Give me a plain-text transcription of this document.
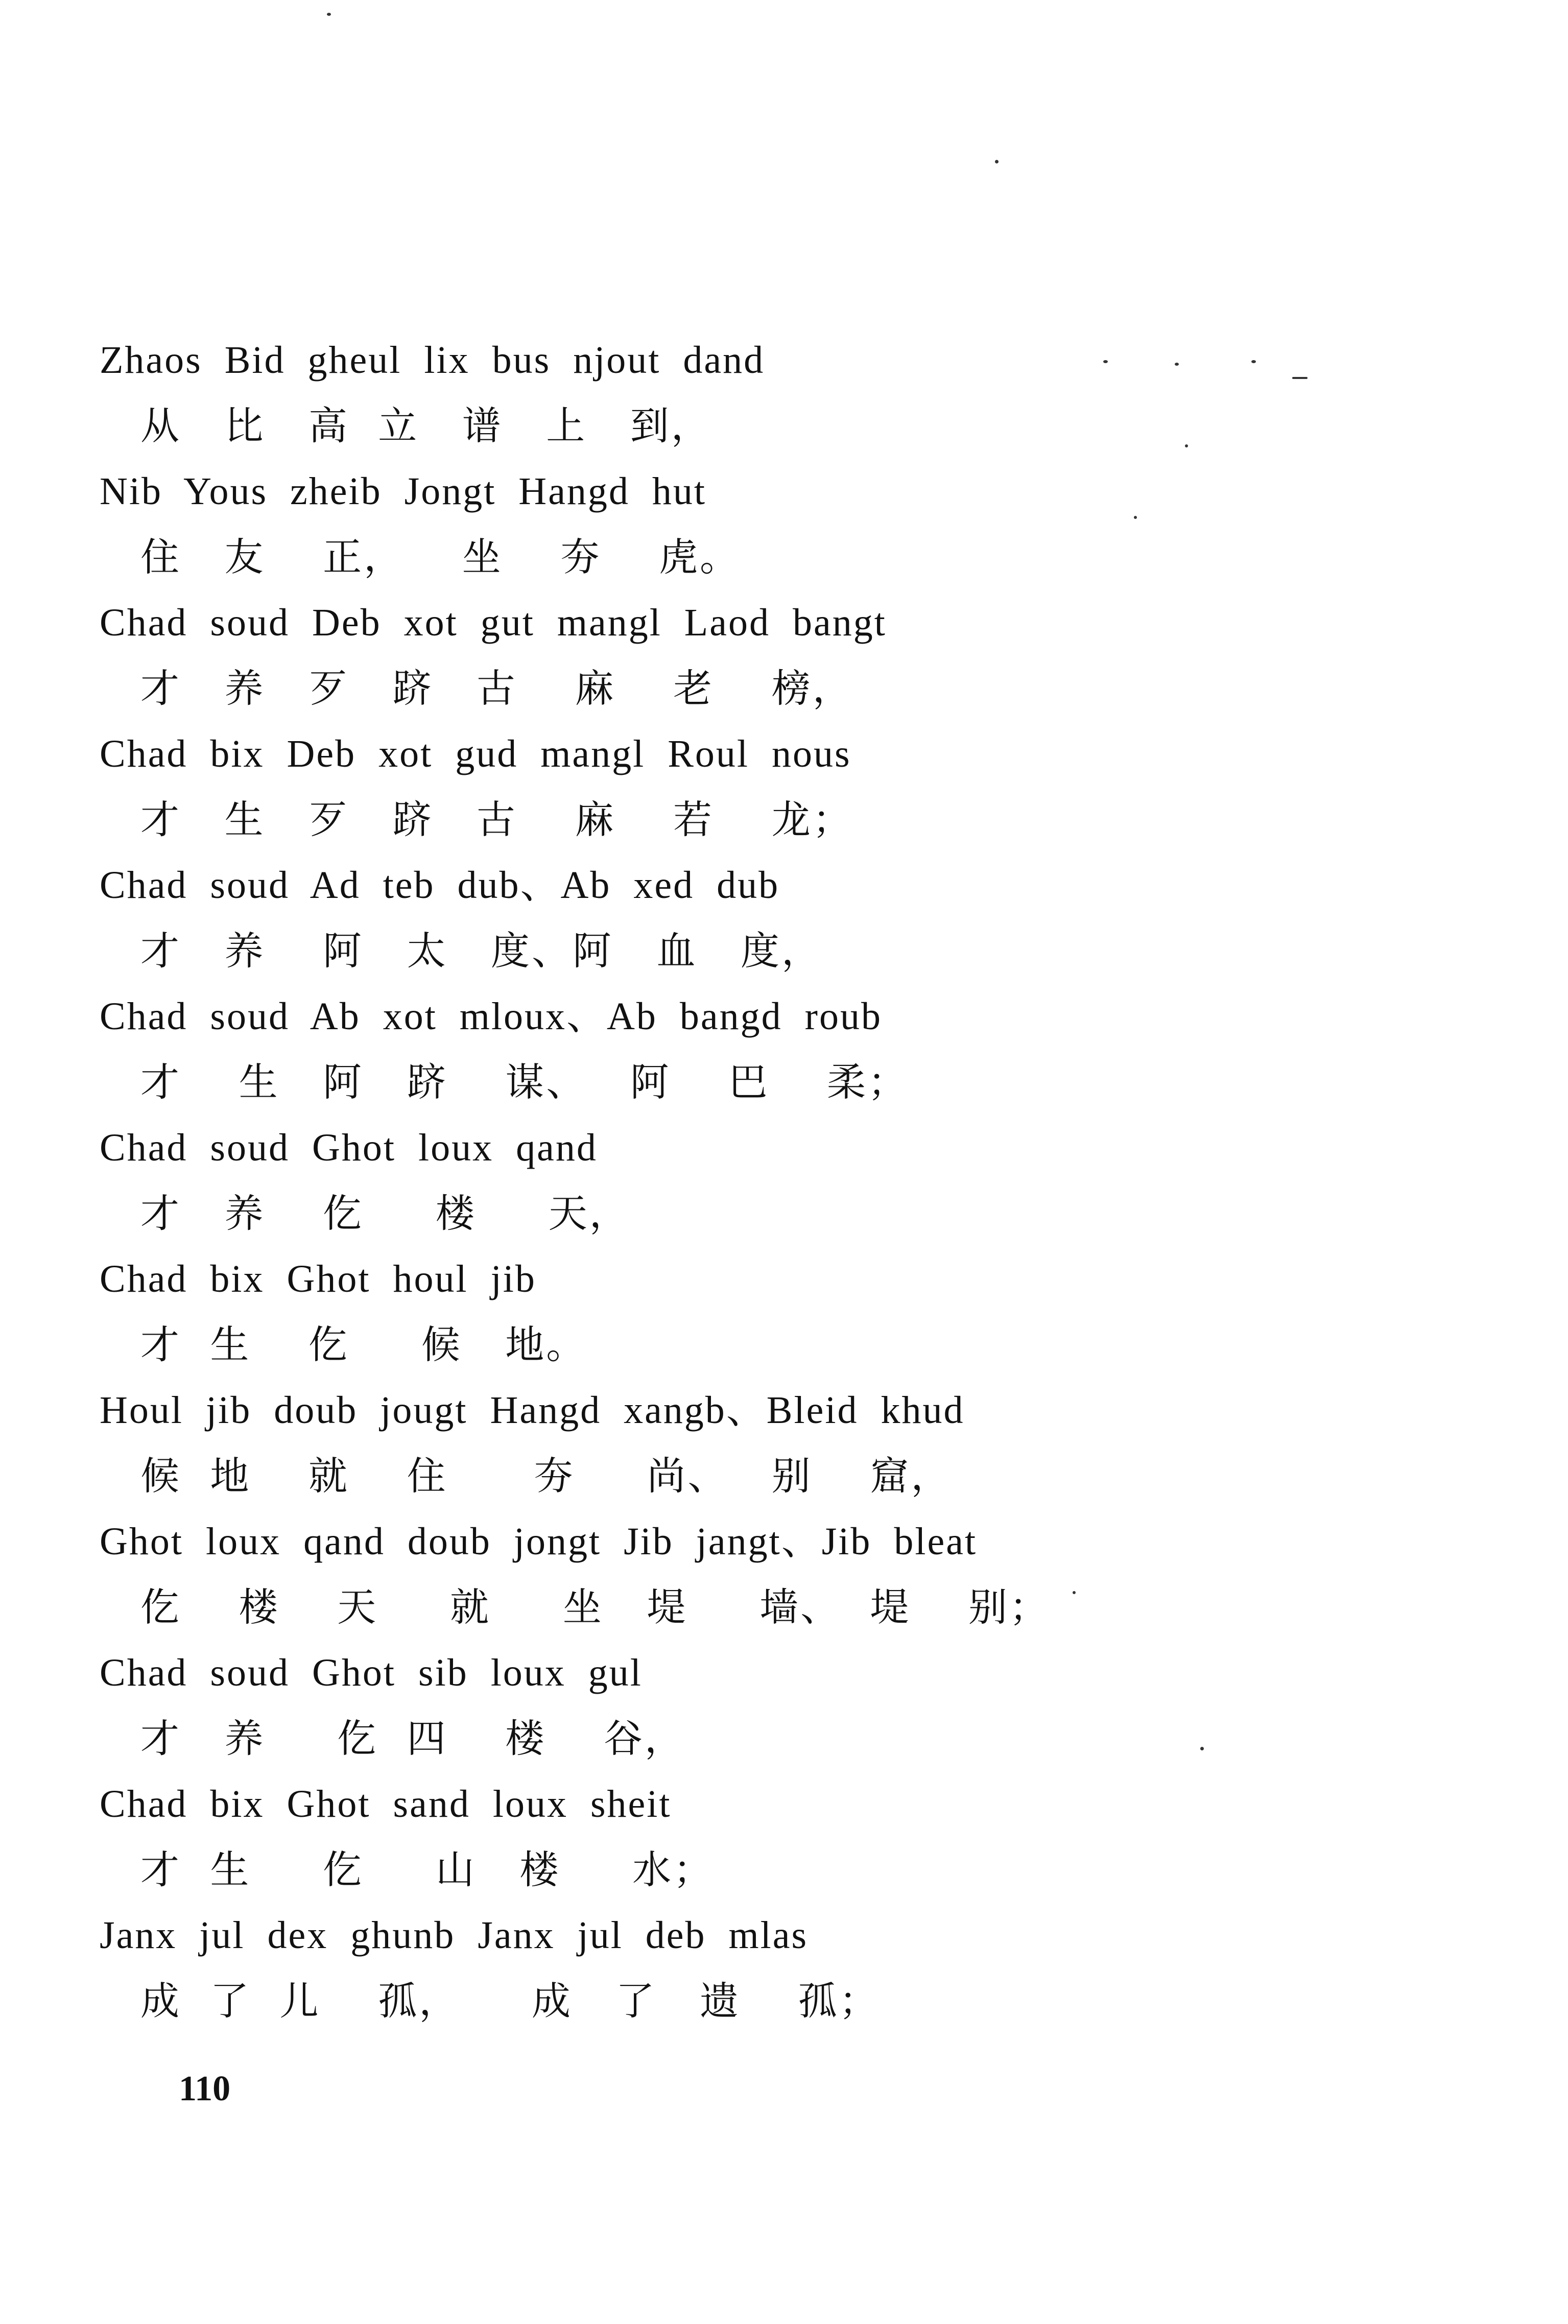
Zhaos Bid gheul lix bus njout dand
从   比   高  立   谱   上   到，
Nib Yous zheib Jongt Hangd hut
住   友    正，    坐    夯    虎。
Chad soud Deb xot gut mangl Laod bangt
才   养   歹   跻   古    麻    老    榜，
Chad bix Deb xot gud mangl Roul nous
才   生   歹   跻   古    麻    若    龙；
Chad soud Ad teb dub、Ab xed dub
才   养    阿   太   度、阿   血   度，
Chad soud Ab xot mloux、Ab bangd roub
才    生   阿   跻    谋、   阿    巴    柔；
Chad soud Ghot loux qand
才   养    仡     楼     天，
Chad bix Ghot houl jib
才  生    仡     候   地。
Houl jib doub jougt Hangd xangb、Bleid khud
候  地    就    住      夯     尚、   别    窟，
Ghot loux qand doub jongt Jib jangt、Jib bleat
仡    楼    天     就     坐   堤     墙、  堤    别；
Chad soud Ghot sib loux gul
才   养     仡  四    楼    谷，
Chad bix Ghot sand loux sheit
才  生     仡     山   楼     水；
Janx jul dex ghunb Janx jul deb mlas
成  了  儿    孤，     成   了   遗    孤；
110
